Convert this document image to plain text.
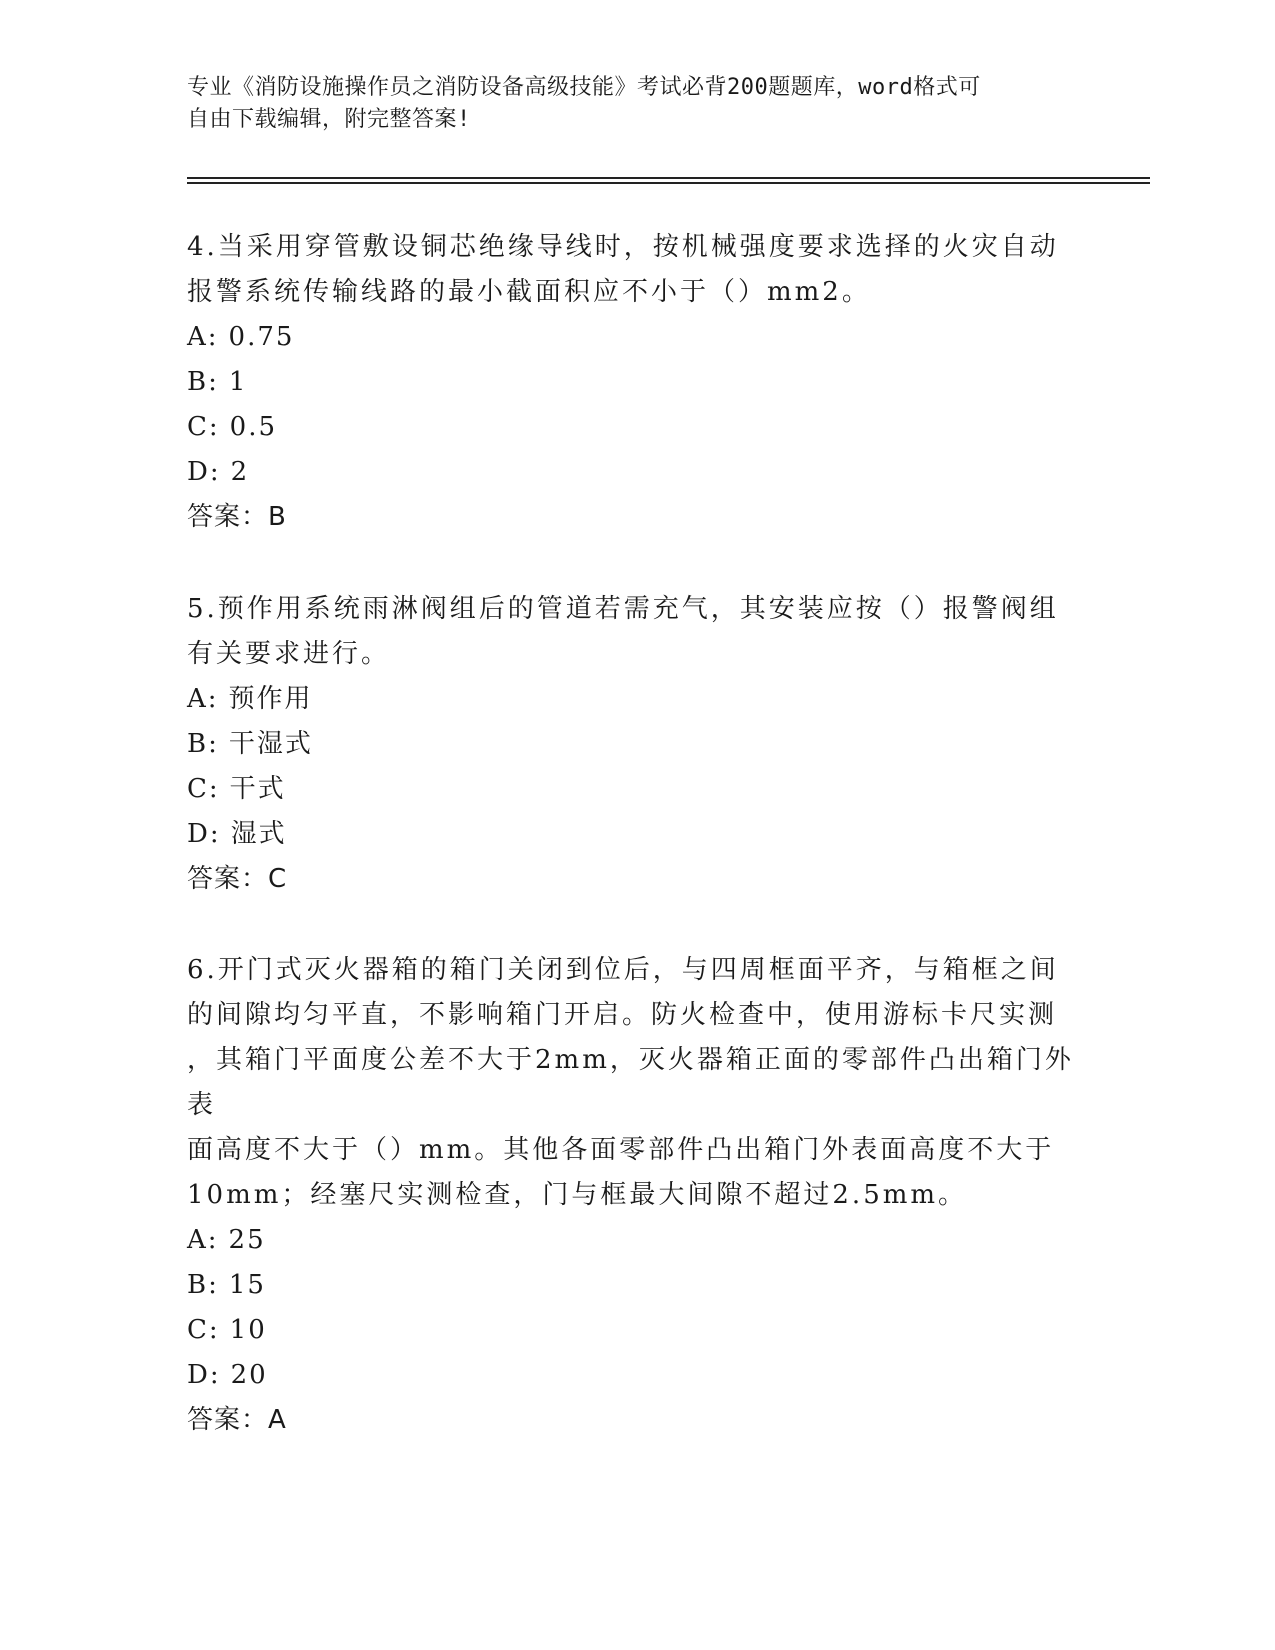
专业《消防设施操作员之消防设备高级技能》考试必背200题题库，word格式可
自由下载编辑，附完整答案!

4.当采用穿管敷设铜芯绝缘导线时，按机械强度要求选择的火灾自动

报警系统传输线路的最小截面积应不小于（）mm2。

A: 0.75

B: 1

C: 0.5

D: 2

答案：B

5.预作用系统雨淋阀组后的管道若需充气，其安装应按（）报警阀组

有关要求进行。

A: 预作用

B: 干湿式

C: 干式

D: 湿式

答案：C

6.开门式灭火器箱的箱门关闭到位后，与四周框面平齐，与箱框之间

的间隙均匀平直，不影响箱门开启。防火检查中，使用游标卡尺实测

，其箱门平面度公差不大于2mm，灭火器箱正面的零部件凸出箱门外表

面高度不大于（）mm。其他各面零部件凸出箱门外表面高度不大于

10mm；经塞尺实测检查，门与框最大间隙不超过2.5mm。

A: 25

B: 15

C: 10

D: 20

答案：A
